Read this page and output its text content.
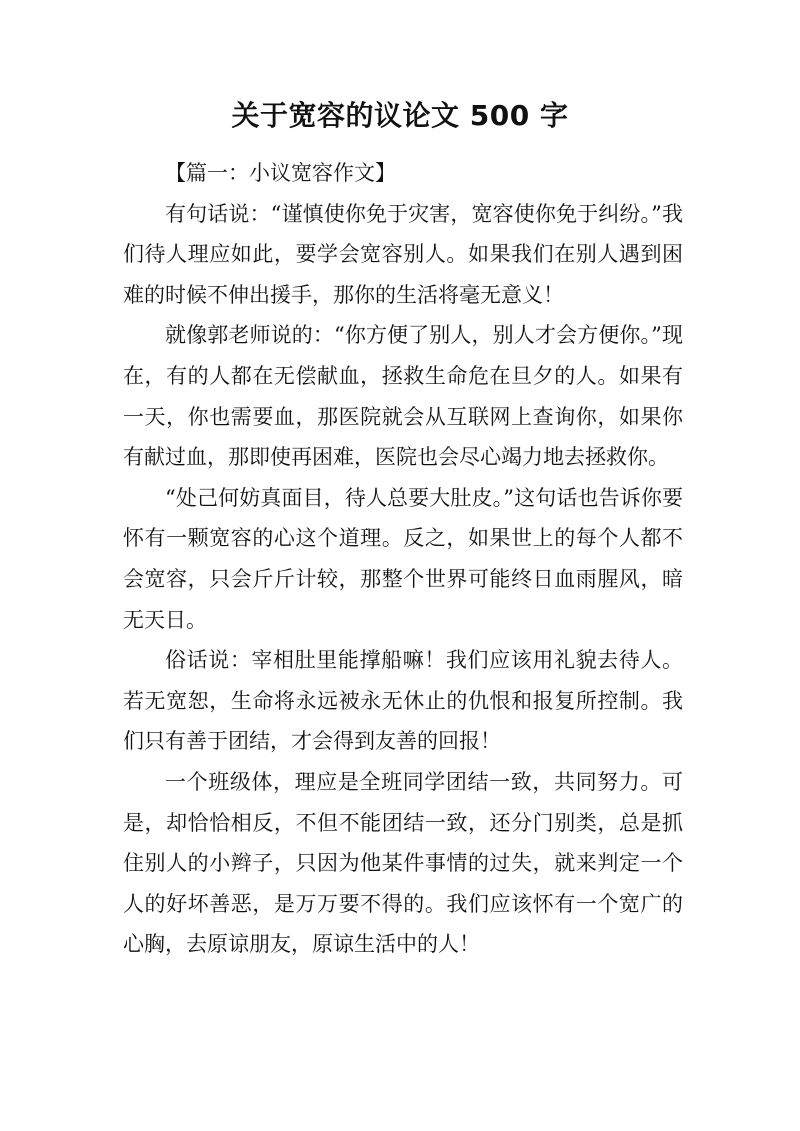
关于宽容的议论文 500 字

【篇一：小议宽容作文】

有句话说：“谨慎使你免于灾害，宽容使你免于纠纷。”我们待人理应如此，要学会宽容别人。如果我们在别人遇到困难的时候不伸出援手，那你的生活将毫无意义！

就像郭老师说的：“你方便了别人，别人才会方便你。”现在，有的人都在无偿献血，拯救生命危在旦夕的人。如果有一天，你也需要血，那医院就会从互联网上查询你，如果你有献过血，那即使再困难，医院也会尽心竭力地去拯救你。

“处己何妨真面目，待人总要大肚皮。”这句话也告诉你要怀有一颗宽容的心这个道理。反之，如果世上的每个人都不会宽容，只会斤斤计较，那整个世界可能终日血雨腥风，暗无天日。

俗话说：宰相肚里能撑船嘛！我们应该用礼貌去待人。若无宽恕，生命将永远被永无休止的仇恨和报复所控制。我们只有善于团结，才会得到友善的回报！

一个班级体，理应是全班同学团结一致，共同努力。可是，却恰恰相反，不但不能团结一致，还分门别类，总是抓住别人的小辫子，只因为他某件事情的过失，就来判定一个人的好坏善恶，是万万要不得的。我们应该怀有一个宽广的心胸，去原谅朋友，原谅生活中的人！
